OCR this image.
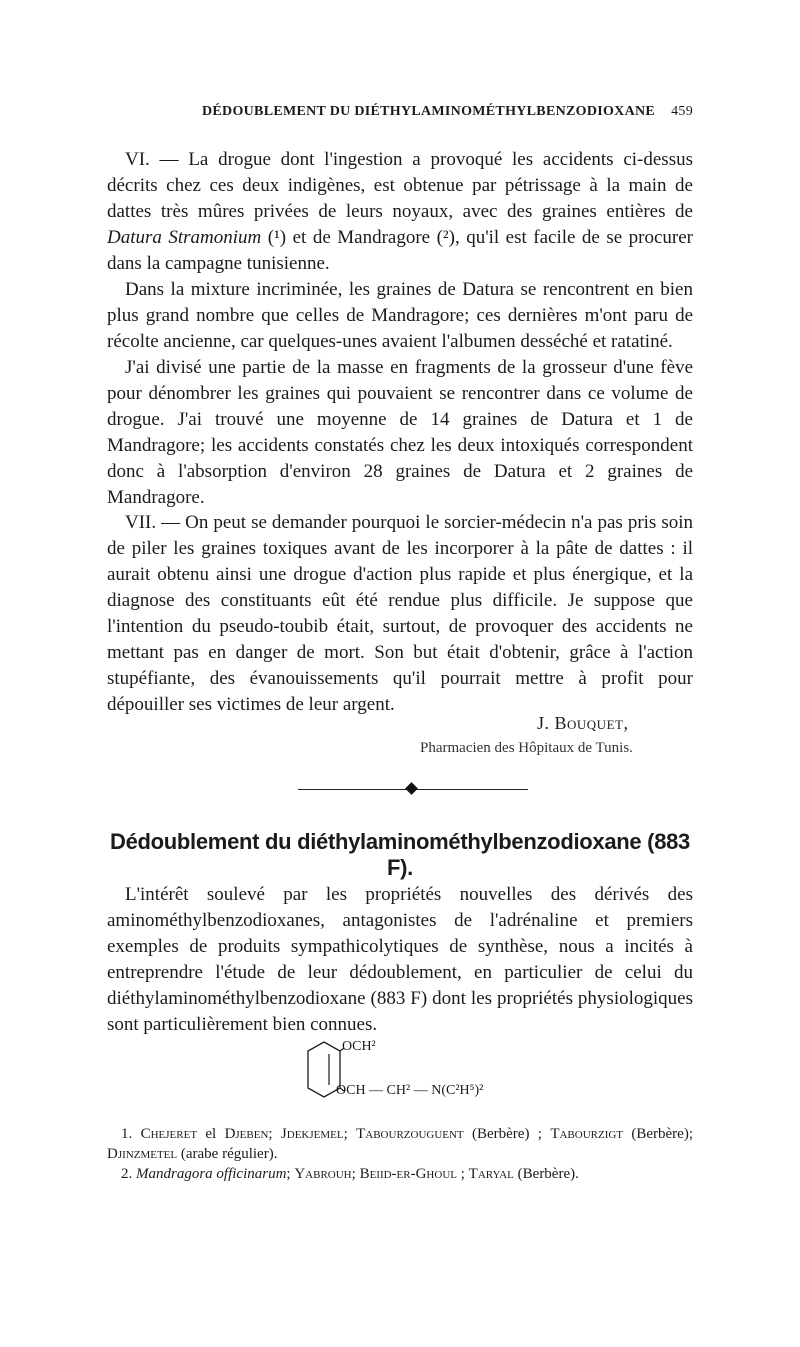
DÉDOUBLEMENT DU DIÉTHYLAMINOMÉTHYLBENZODIOXANE 459

VI. — La drogue dont l'ingestion a provoqué les accidents ci-dessus décrits chez ces deux indigènes, est obtenue par pétrissage à la main de dattes très mûres privées de leurs noyaux, avec des graines entières de Datura Stramonium (¹) et de Mandragore (²), qu'il est facile de se procurer dans la campagne tunisienne.

Dans la mixture incriminée, les graines de Datura se rencontrent en bien plus grand nombre que celles de Mandragore; ces dernières m'ont paru de récolte ancienne, car quelques-unes avaient l'albumen desséché et ratatiné.

J'ai divisé une partie de la masse en fragments de la grosseur d'une fève pour dénombrer les graines qui pouvaient se rencontrer dans ce volume de drogue. J'ai trouvé une moyenne de 14 graines de Datura et 1 de Mandragore; les accidents constatés chez les deux intoxiqués correspondent donc à l'absorption d'environ 28 graines de Datura et 2 graines de Mandragore.

VII. — On peut se demander pourquoi le sorcier-médecin n'a pas pris soin de piler les graines toxiques avant de les incorporer à la pâte de dattes : il aurait obtenu ainsi une drogue d'action plus rapide et plus énergique, et la diagnose des constituants eût été rendue plus difficile. Je suppose que l'intention du pseudo-toubib était, surtout, de provoquer des accidents ne mettant pas en danger de mort. Son but était d'obtenir, grâce à l'action stupéfiante, des évanouissements qu'il pourrait mettre à profit pour dépouiller ses victimes de leur argent.

J. Bouquet,
Pharmacien des Hôpitaux de Tunis.
Dédoublement du diéthylaminométhylbenzodioxane (883 F).

L'intérêt soulevé par les propriétés nouvelles des dérivés des aminométhylbenzodioxanes, antagonistes de l'adrénaline et premiers exemples de produits sympathicolytiques de synthèse, nous a incités à entreprendre l'étude de leur dédoublement, en particulier de celui du diéthylaminométhylbenzodioxane (883 F) dont les propriétés physiologiques sont particulièrement bien connues.

OCH²
OCH — CH² — N(C²H⁵)²

1. Chejeret el Djeben; Jdekjemel; Tabourzouguent (Berbère) ; Tabourzigt (Berbère); Djinzmetel (arabe régulier).

2. Mandragora officinarum; Yabrouh; Beiid-er-Ghoul ; Taryal (Berbère).
